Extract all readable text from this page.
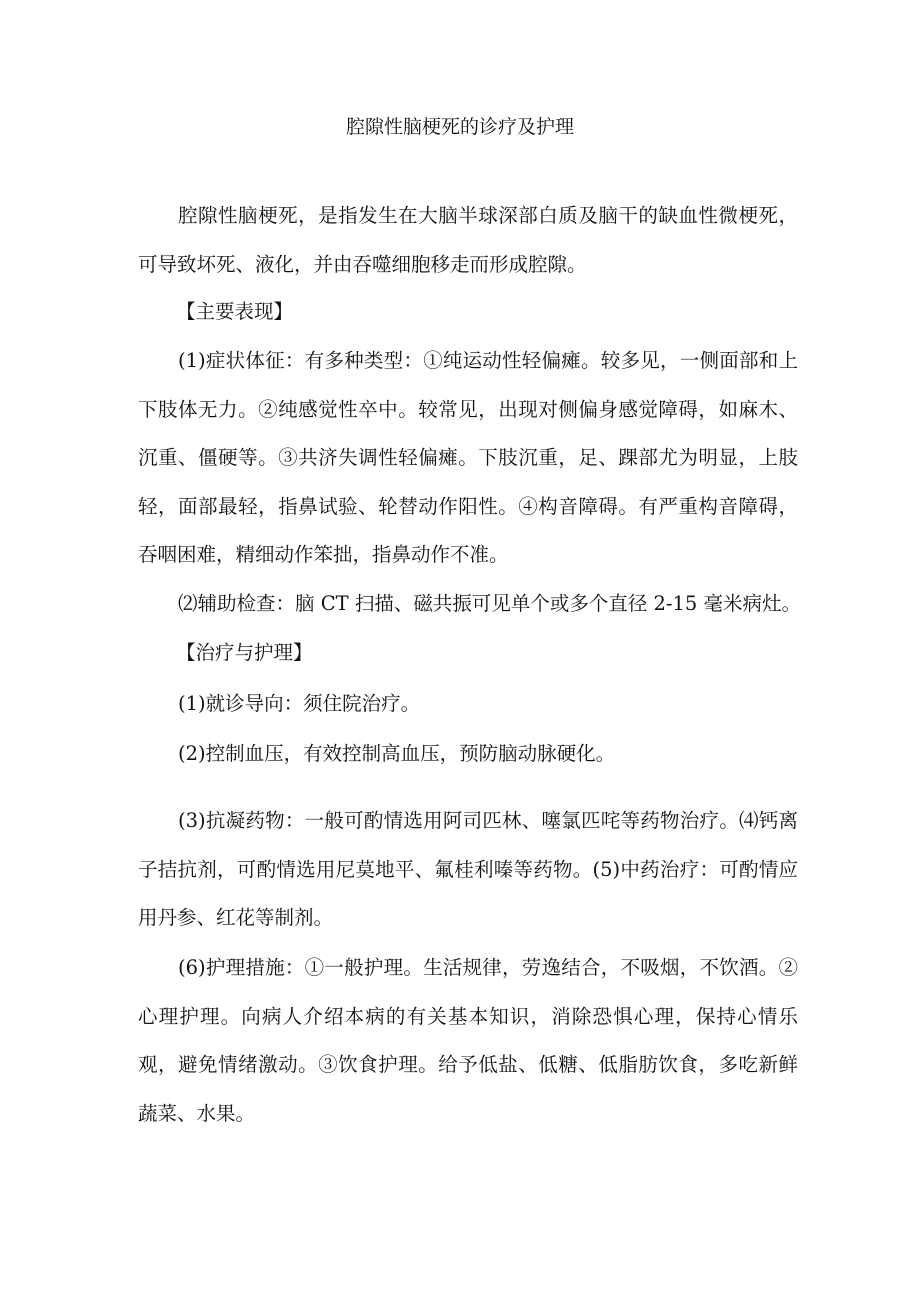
腔隙性脑梗死的诊疗及护理

腔隙性脑梗死，是指发生在大脑半球深部白质及脑干的缺血性微梗死，可导致坏死、液化，并由吞噬细胞移走而形成腔隙。

【主要表现】

(1)症状体征：有多种类型：①纯运动性轻偏瘫。较多见，一侧面部和上下肢体无力。②纯感觉性卒中。较常见，出现对侧偏身感觉障碍，如麻木、沉重、僵硬等。③共济失调性轻偏瘫。下肢沉重，足、踝部尤为明显，上肢轻，面部最轻，指鼻试验、轮替动作阳性。④构音障碍。有严重构音障碍，吞咽困难，精细动作笨拙，指鼻动作不准。

⑵辅助检查：脑 CT 扫描、磁共振可见单个或多个直径 2-15 毫米病灶。

【治疗与护理】

(1)就诊导向：须住院治疗。

(2)控制血压，有效控制高血压，预防脑动脉硬化。

(3)抗凝药物：一般可酌情选用阿司匹林、噻氯匹咤等药物治疗。⑷钙离子拮抗剂，可酌情选用尼莫地平、氟桂利嗪等药物。(5)中药治疗：可酌情应用丹参、红花等制剂。

(6)护理措施：①一般护理。生活规律，劳逸结合，不吸烟，不饮酒。②心理护理。向病人介绍本病的有关基本知识，消除恐惧心理，保持心情乐观，避免情绪激动。③饮食护理。给予低盐、低糖、低脂肪饮食，多吃新鲜蔬菜、水果。
